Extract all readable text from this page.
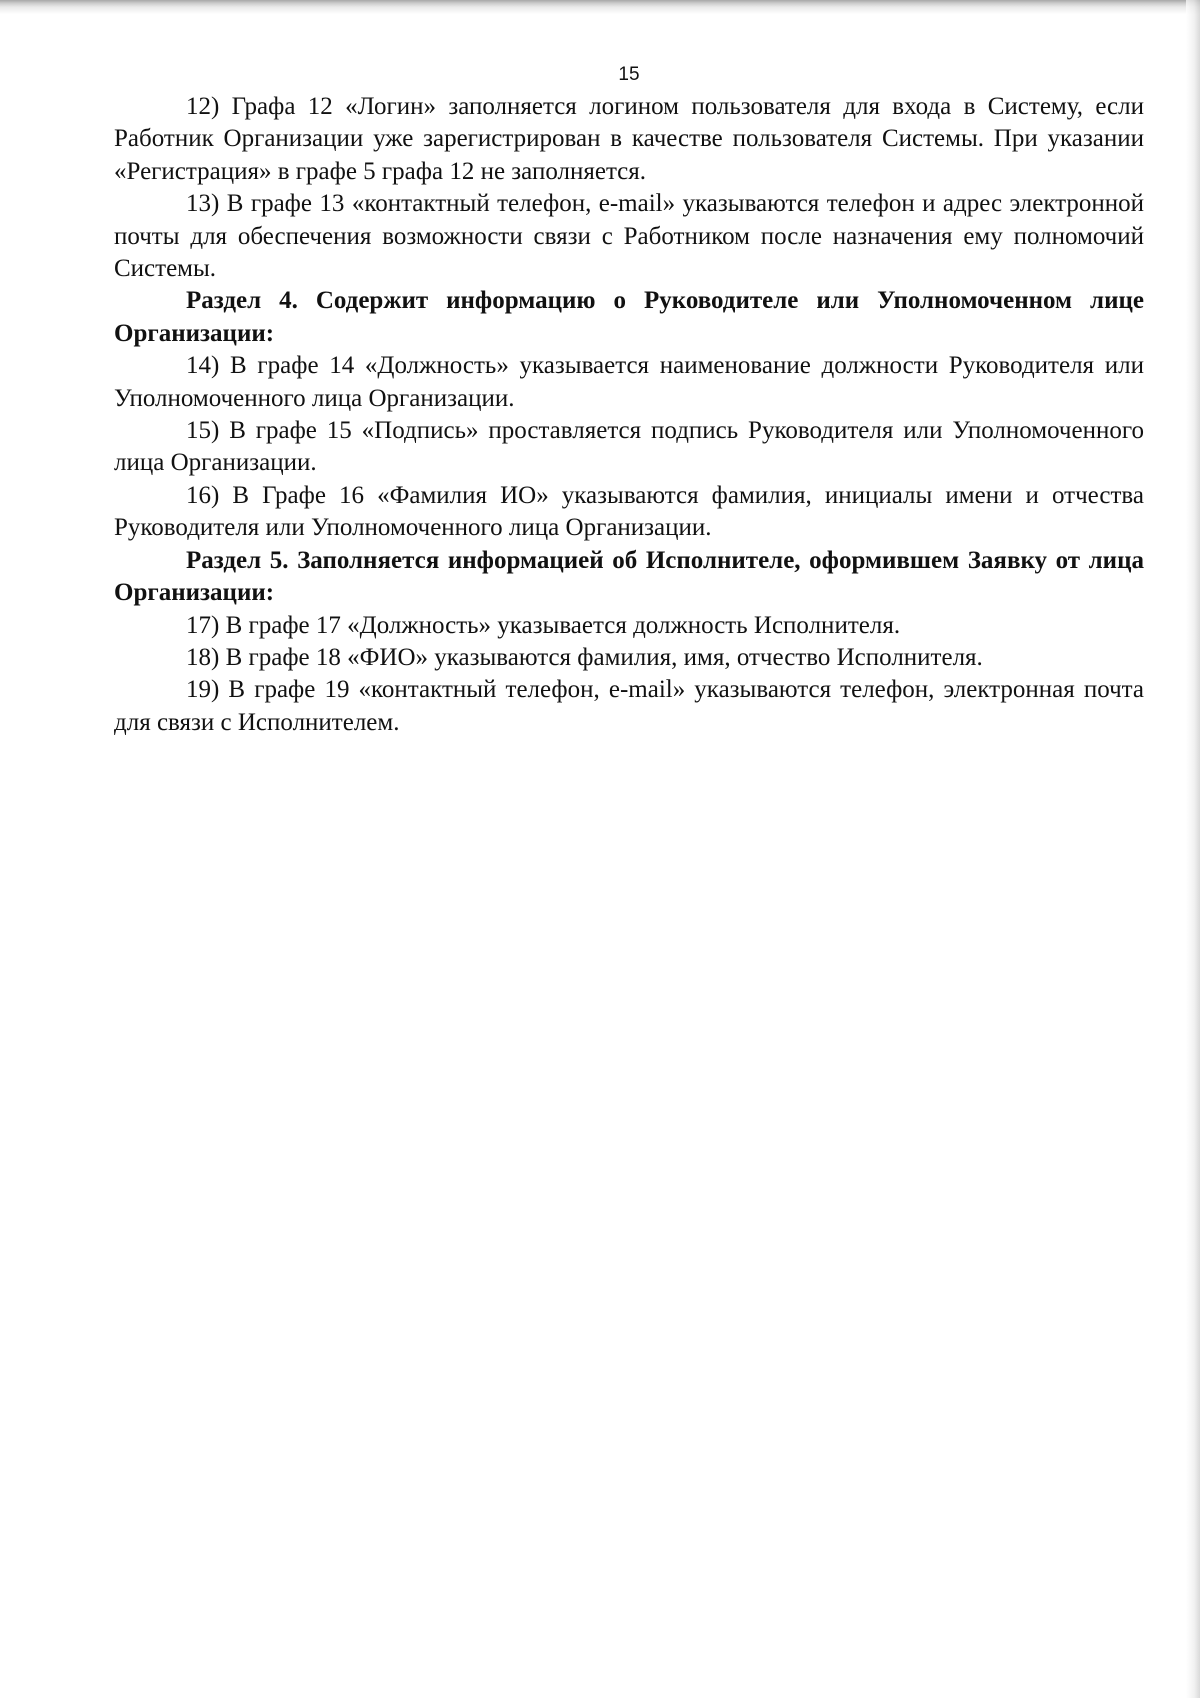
15

12) Графа 12 «Логин» заполняется логином пользователя для входа в Систему, если Работник Организации уже зарегистрирован в качестве пользователя Системы. При указании «Регистрация» в графе 5 графа 12 не заполняется.

13) В графе 13 «контактный телефон, e-mail» указываются телефон и адрес электронной почты для обеспечения возможности связи с Работником после назначения ему полномочий Системы.

Раздел 4. Содержит информацию о Руководителе или Уполномоченном лице Организации:

14) В графе 14 «Должность» указывается наименование должности Руководителя или Уполномоченного лица Организации.

15) В графе 15 «Подпись» проставляется подпись Руководителя или Уполномоченного лица Организации.

16) В Графе 16 «Фамилия ИО» указываются фамилия, инициалы имени и отчества Руководителя или Уполномоченного лица Организации.

Раздел 5. Заполняется информацией об Исполнителе, оформившем Заявку от лица Организации:

17) В графе 17 «Должность» указывается должность Исполнителя.

18) В графе 18 «ФИО» указываются фамилия, имя, отчество Исполнителя.

19) В графе 19 «контактный телефон, e-mail» указываются телефон, электронная почта для связи с Исполнителем.
